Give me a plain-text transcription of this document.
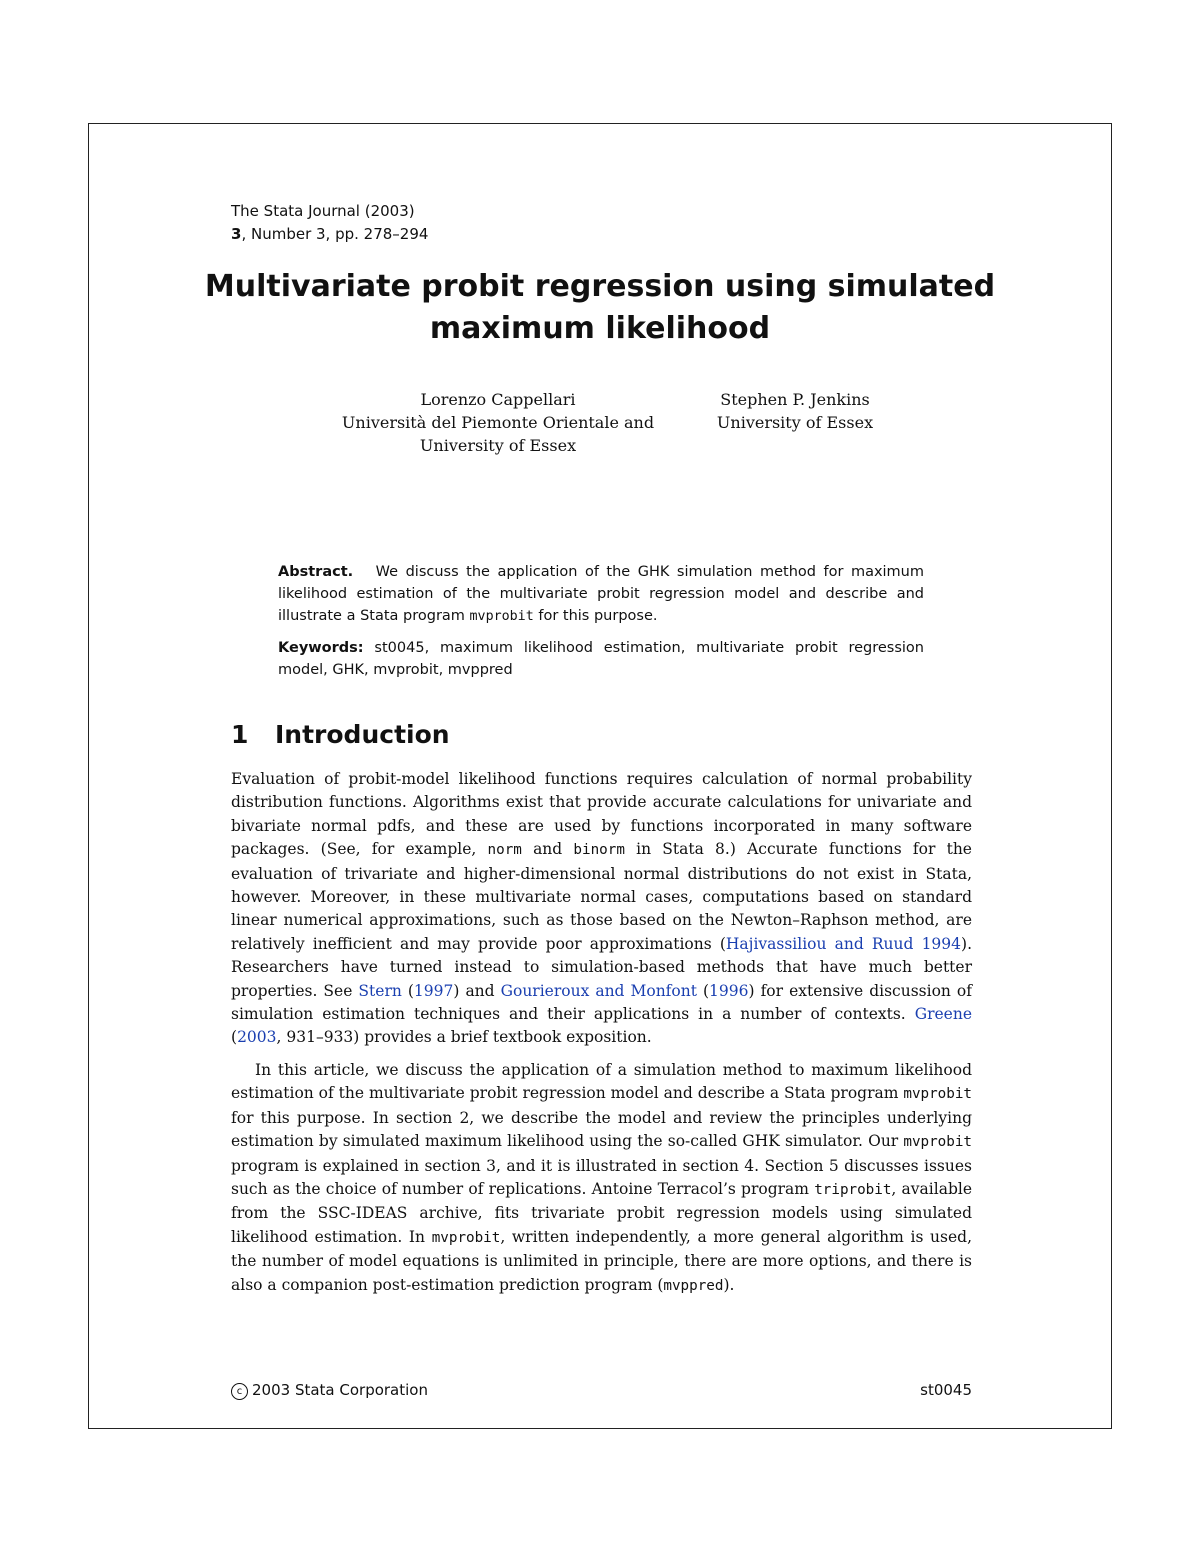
The Stata Journal (2003)
3, Number 3, pp. 278–294
Multivariate probit regression using simulated
maximum likelihood
Lorenzo Cappellari
Università del Piemonte Orientale and
University of Essex
Stephen P. Jenkins
University of Essex

Abstract. We discuss the application of the GHK simulation method for maximum likelihood estimation of the multivariate probit regression model and describe and illustrate a Stata program mvprobit for this purpose.

Keywords: st0045, maximum likelihood estimation, multivariate probit regression model, GHK, mvprobit, mvppred

1 Introduction

Evaluation of probit-model likelihood functions requires calculation of normal probability distribution functions. Algorithms exist that provide accurate calculations for univariate and bivariate normal pdfs, and these are used by functions incorporated in many software packages. (See, for example, norm and binorm in Stata 8.) Accurate functions for the evaluation of trivariate and higher-dimensional normal distributions do not exist in Stata, however. Moreover, in these multivariate normal cases, computations based on standard linear numerical approximations, such as those based on the Newton–Raphson method, are relatively inefficient and may provide poor approximations (Hajivassiliou and Ruud 1994). Researchers have turned instead to simulation-based methods that have much better properties. See Stern (1997) and Gourieroux and Monfont (1996) for extensive discussion of simulation estimation techniques and their applications in a number of contexts. Greene (2003, 931–933) provides a brief textbook exposition.

In this article, we discuss the application of a simulation method to maximum likelihood estimation of the multivariate probit regression model and describe a Stata program mvprobit for this purpose. In section 2, we describe the model and review the principles underlying estimation by simulated maximum likelihood using the so-called GHK simulator. Our mvprobit program is explained in section 3, and it is illustrated in section 4. Section 5 discusses issues such as the choice of number of replications. Antoine Terracol’s program triprobit, available from the SSC-IDEAS archive, fits trivariate probit regression models using simulated likelihood estimation. In mvprobit, written independently, a more general algorithm is used, the number of model equations is unlimited in principle, there are more options, and there is also a companion post-estimation prediction program (mvppred).

c 2003 Stata Corporation	st0045
